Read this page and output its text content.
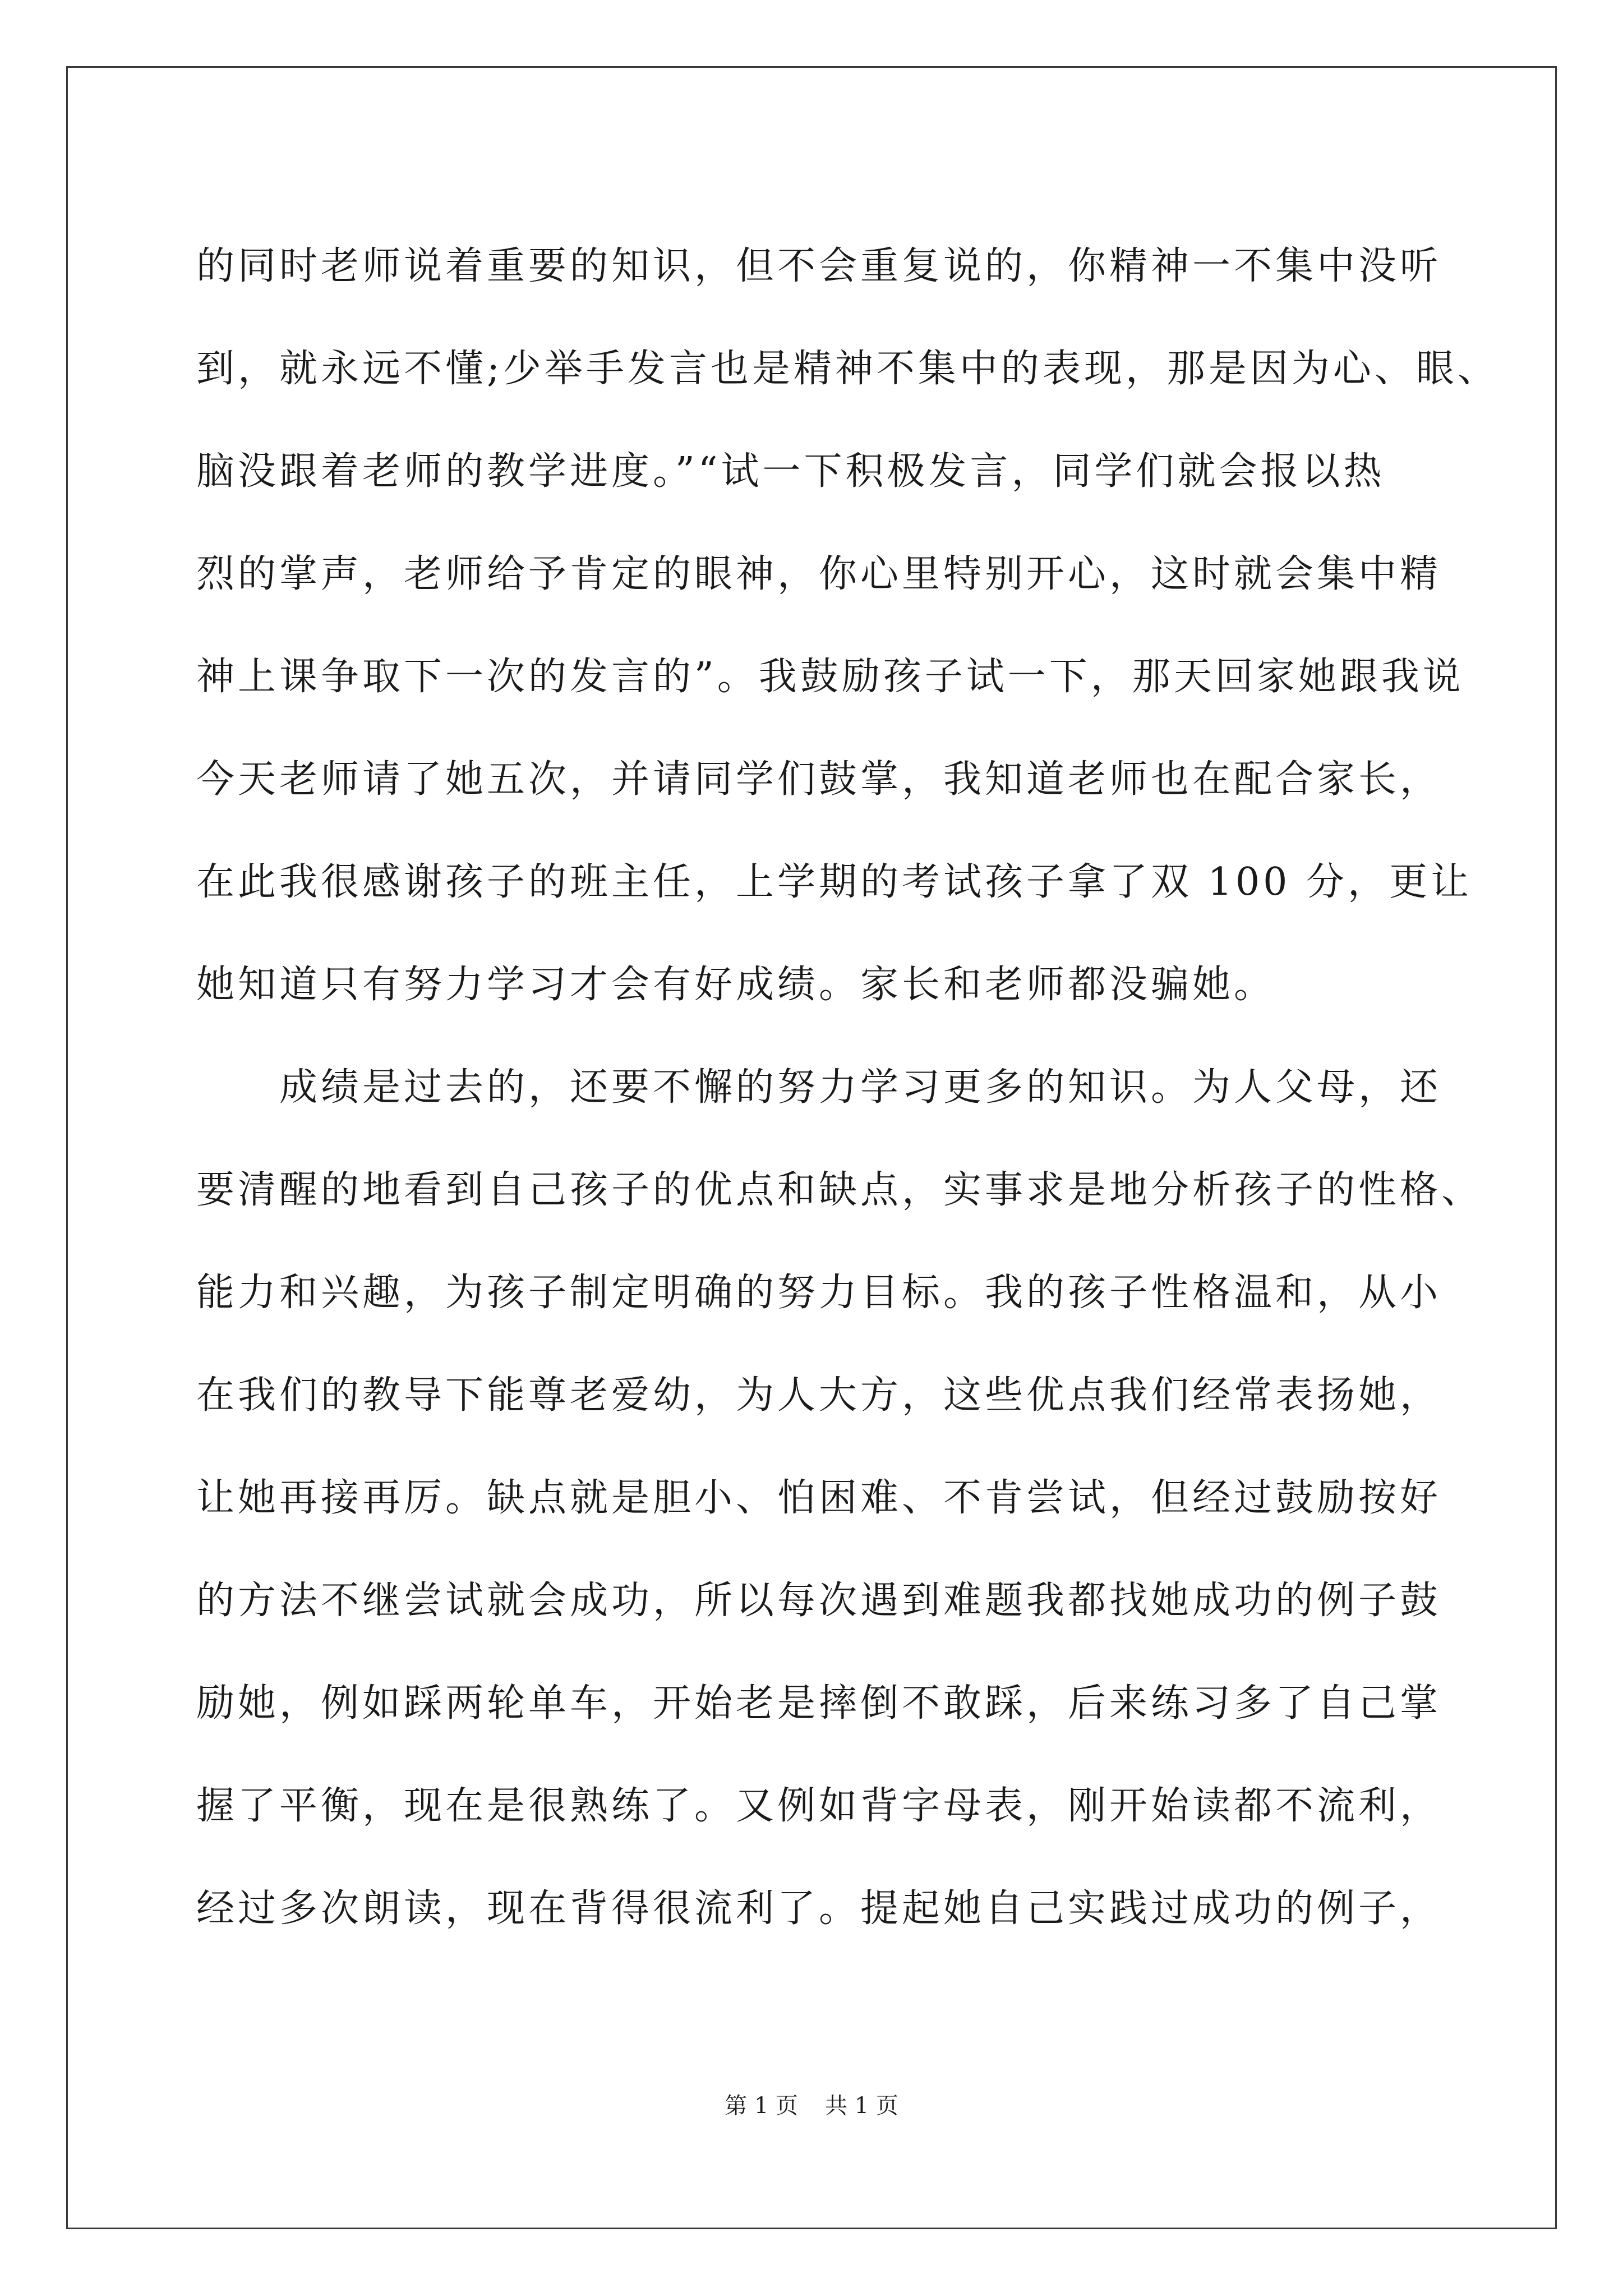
的同时老师说着重要的知识，但不会重复说的，你精神一不集中没听
到，就永远不懂;少举手发言也是精神不集中的表现，那是因为心、眼、
脑没跟着老师的教学进度。”“试一下积极发言，同学们就会报以热
烈的掌声，老师给予肯定的眼神，你心里特别开心，这时就会集中精
神上课争取下一次的发言的”。我鼓励孩子试一下，那天回家她跟我说
今天老师请了她五次，并请同学们鼓掌，我知道老师也在配合家长，
在此我很感谢孩子的班主任，上学期的考试孩子拿了双 100 分，更让
她知道只有努力学习才会有好成绩。家长和老师都没骗她。
成绩是过去的，还要不懈的努力学习更多的知识。为人父母，还
要清醒的地看到自己孩子的优点和缺点，实事求是地分析孩子的性格、
能力和兴趣，为孩子制定明确的努力目标。我的孩子性格温和，从小
在我们的教导下能尊老爱幼，为人大方，这些优点我们经常表扬她，
让她再接再厉。缺点就是胆小、怕困难、不肯尝试，但经过鼓励按好
的方法不继尝试就会成功，所以每次遇到难题我都找她成功的例子鼓
励她，例如踩两轮单车，开始老是摔倒不敢踩，后来练习多了自己掌
握了平衡，现在是很熟练了。又例如背字母表，刚开始读都不流利，
经过多次朗读，现在背得很流利了。提起她自己实践过成功的例子，
第 1 页 共 1 页
